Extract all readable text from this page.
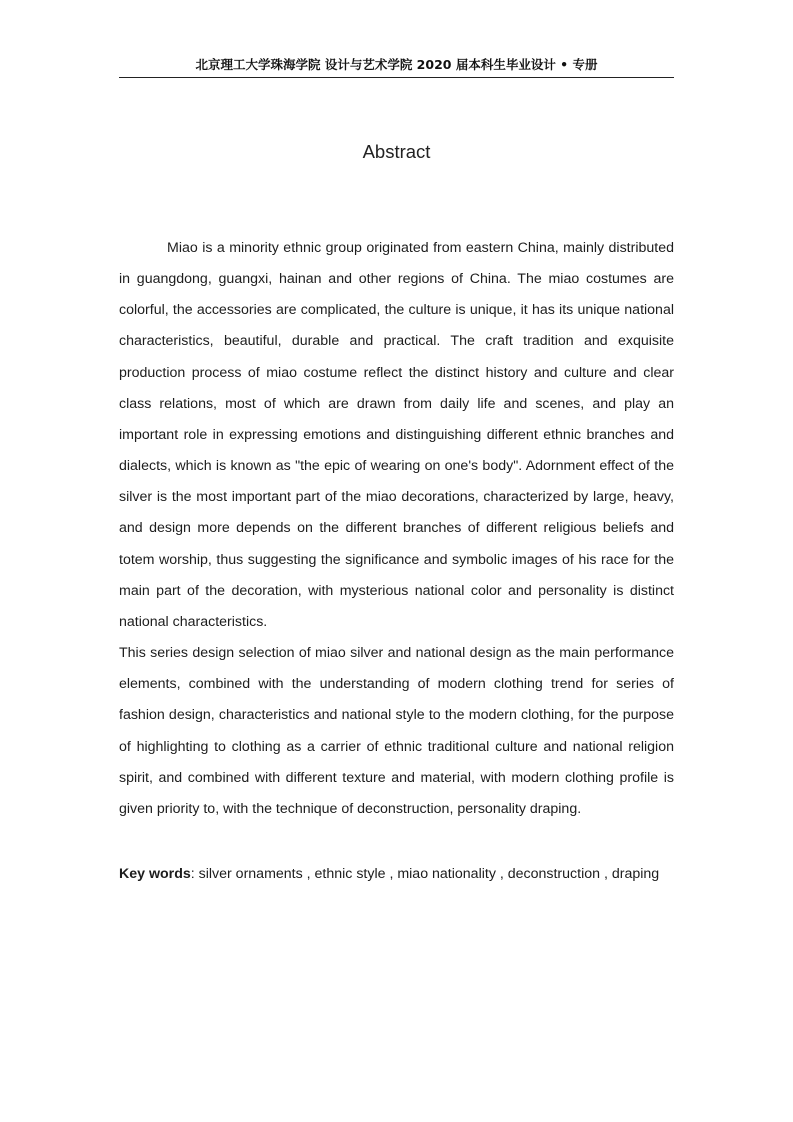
北京理工大学珠海学院 设计与艺术学院 2020 届本科生毕业设计 • 专册
Abstract

Miao is a minority ethnic group originated from eastern China, mainly distributed in guangdong, guangxi, hainan and other regions of China. The miao costumes are colorful, the accessories are complicated, the culture is unique, it has its unique national characteristics, beautiful, durable and practical. The craft tradition and exquisite production process of miao costume reflect the distinct history and culture and clear class relations, most of which are drawn from daily life and scenes, and play an important role in expressing emotions and distinguishing different ethnic branches and dialects, which is known as "the epic of wearing on one's body". Adornment effect of the silver is the most important part of the miao decorations, characterized by large, heavy, and design more depends on the different branches of different religious beliefs and totem worship, thus suggesting the significance and symbolic images of his race for the main part of the decoration, with mysterious national color and personality is distinct national characteristics.

This series design selection of miao silver and national design as the main performance elements, combined with the understanding of modern clothing trend for series of fashion design, characteristics and national style to the modern clothing, for the purpose of highlighting to clothing as a carrier of ethnic traditional culture and national religion spirit, and combined with different texture and material, with modern clothing profile is given priority to, with the technique of deconstruction, personality draping.

Key words: silver ornaments , ethnic style , miao nationality , deconstruction , draping
